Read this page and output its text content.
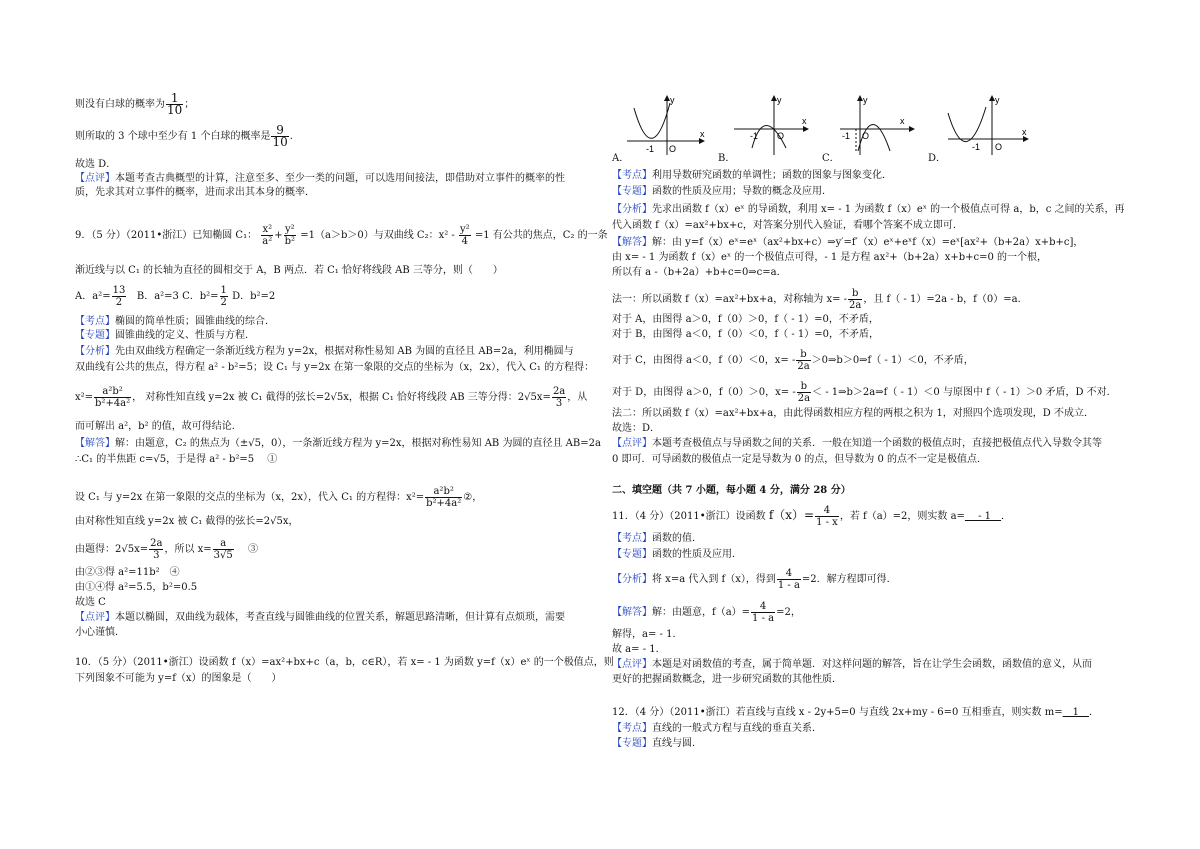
则没有白球的概率为 $\frac{1}{10}$ ；
则所取的 3 个球中至少有 1 个白球的概率是 $\frac{9}{10}$ .
故选 D．
【点评】本题考查古典概型的计算，注意至多、至少一类的问题，可以选用间接法，即借助对立事件的概率的性
质，先求其对立事件的概率，进而求出其本身的概率．
9．（5 分）（2011•浙江）已知椭圆 C₁： $\frac{\text{x²}}{\text{a²}} + \frac{\text{y²}}{\text{b²}} =1(a>b>0)$与双曲线 C₂：$x^2 - \frac{\text{y²}}{4} =1$ 有公共的焦点，C₂ 的一条
渐近线与以 C₁ 的长轴为直径的圆相交于 A，B 两点．若 C₁ 恰好将线段 AB 三等分，则（　　）
A．$a^2= \frac{13}{2}$ B．a²=3 C．$b^2= \frac{1}{2}$ D．b²=2
【考点】椭圆的简单性质；圆锥曲线的综合．
【专题】圆锥曲线的定义、性质与方程．
【分析】先由双曲线方程确定一条渐近线方程为 y=2x，根据对称性易知 AB 为圆的直径且 AB=2a，利用椭圆与
双曲线有公共的焦点，得方程 a² - b²=5；设 C₁ 与 y=2x 在第一象限的交点的坐标为（x，2x），代入 C₁ 的方程得：
$x^2= \frac{\text{a²b²}}{\text{b²+4a²}}$ ， 对称性知直线 y=2x 被 C₁ 截得的弦长=2√5x，根据 C₁ 恰好将线段 AB 三等分得：$2√5x= \frac{2a}{3}$ ，从
而可解出 a²，b² 的值，故可得结论．
【解答】解：由题意，C₂ 的焦点为（±√5，0），一条渐近线方程为 y=2x，根据对称性易知 AB 为圆的直径且 AB=2a
∴C₁ 的半焦距 c=√5，于是得 a² - b²=5　 ①
设 C₁ 与 y=2x 在第一象限的交点的坐标为（x，2x），代入 C₁ 的方程得：$x^2= \frac{\text{a²b²}}{\text{b²+4a²}}$ ②，
由对称性知直线 y=2x 被 C₁ 截得的弦长=2√5x，
由题得：$2√5x= \frac{2a}{3}$ ，所以 $x= \frac{a}{3√5}$ 　 ③
由②③得 a²=11b²　④
由①④得 a²=5.5，b²=0.5
故选 C
【点评】本题以椭圆，双曲线为载体，考查直线与圆锥曲线的位置关系，解题思路清晰，但计算有点烦琐，需要
小心谨慎．
10．（5 分）（2011•浙江）设函数 f（x）=ax²+bx+c（a，b，c∈R），若 x= - 1 为函数 y=f（x）eˣ 的一个极值点，则
下列图象不可能为 y=f（x）的图象是（　　）
x
y
-1 O
x
y
-1 O
x
y
-1 O	x
y
-1 O
A．	B．	C．	D．
【考点】利用导数研究函数的单调性；函数的图象与图象变化．
【专题】函数的性质及应用；导数的概念及应用．
【分析】先求出函数 f（x）eˣ 的导函数，利用 x= - 1 为函数 f（x）eˣ 的一个极值点可得 a，b，c 之间的关系，再
代入函数 f（x）=ax²+bx+c，对答案分别代入验证，看哪个答案不成立即可．
【解答】解：由 y=f（x）eˣ=eˣ（ax²+bx+c）⇒y′=f′（x）eˣ+eˣf（x）=eˣ[ax²+（b+2a）x+b+c]，
由 x= - 1 为函数 f（x）eˣ 的一个极值点可得，- 1 是方程 ax²+（b+2a）x+b+c=0 的一个根，
所以有 a -（b+2a）+b+c=0⇒c=a．
法一：所以函数 f（x）=ax²+bx+a，对称轴为 $x= - \frac{b}{2a}$ ，且 f（ - 1）=2a - b，f（0）=a．
对于 A，由图得 a＞0，f（0）＞0，f（ - 1）=0，不矛盾，
对于 B，由图得 a＜0，f（0）＜0，f（ - 1）=0，不矛盾，
对于 C，由图得 a＜0，f（0）＜0，$x= - \frac{b}{2a}$ ＞0⇒b＞0⇒f（ - 1）＜0，不矛盾，
对于 D，由图得 a＞0，f（0）＞0，$x= - \frac{b}{2a}$ ＜ - 1⇒b＞2a⇒f（ - 1）＜0 与原图中 f（ - 1）＞0 矛盾，D 不对．
法二：所以函数 f（x）=ax²+bx+a，由此得函数相应方程的两根之积为 1，对照四个选项发现，D 不成立．
故选：D．
【点评】本题考查极值点与导函数之间的关系．一般在知道一个函数的极值点时，直接把极值点代入导数令其等
0 即可．可导函数的极值点一定是导数为 0 的点，但导数为 0 的点不一定是极值点．
二、填空题（共 7 小题，每小题 4 分，满分 28 分）
11．（4 分）（2011•浙江）设函数 $f(x)= \frac{4}{1 - x}$ ，若 f（a）=2，则实数 a=　 - 1　．
【考点】函数的值．
【专题】函数的性质及应用．
【分析】将 x=a 代入到 f（x），得到 $\frac{4}{1 - a} =2$．解方程即可得．
【解答】解：由题意，$f(a)= \frac{4}{1 - a} =2$，
解得，a= - 1．
故 a= - 1．
【点评】本题是对函数值的考查，属于简单题．对这样问题的解答，旨在让学生会函数，函数值的意义，从而
更好的把握函数概念，进一步研究函数的其他性质．
12．（4 分）（2011•浙江）若直线与直线 x - 2y+5=0 与直线 2x+my - 6=0 互相垂直，则实数 m=　1　．
【考点】直线的一般式方程与直线的垂直关系．
【专题】直线与圆．
